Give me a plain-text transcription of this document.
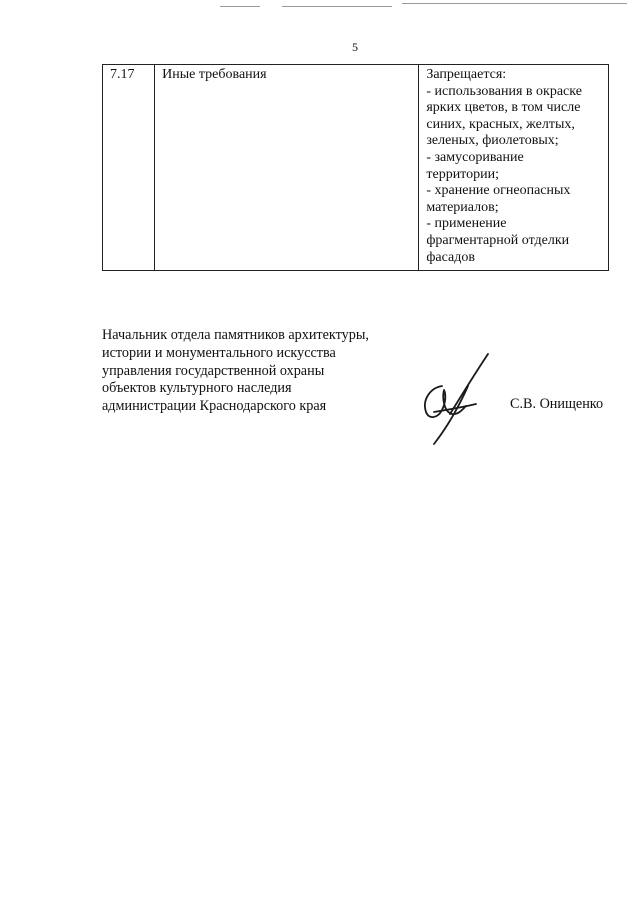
5
7.17	Иные требования	Запрещается:
- использования в окраске
ярких цветов, в том числе
синих, красных, желтых,
зеленых, фиолетовых;
- замусоривание
территории;
- хранение огнеопасных
материалов;
- применение
фрагментарной отделки
фасадов
Начальник отдела памятников архитектуры,
истории и монументального искусства
управления государственной охраны
объектов культурного наследия
администрации Краснодарского края	С.В. Онищенко
